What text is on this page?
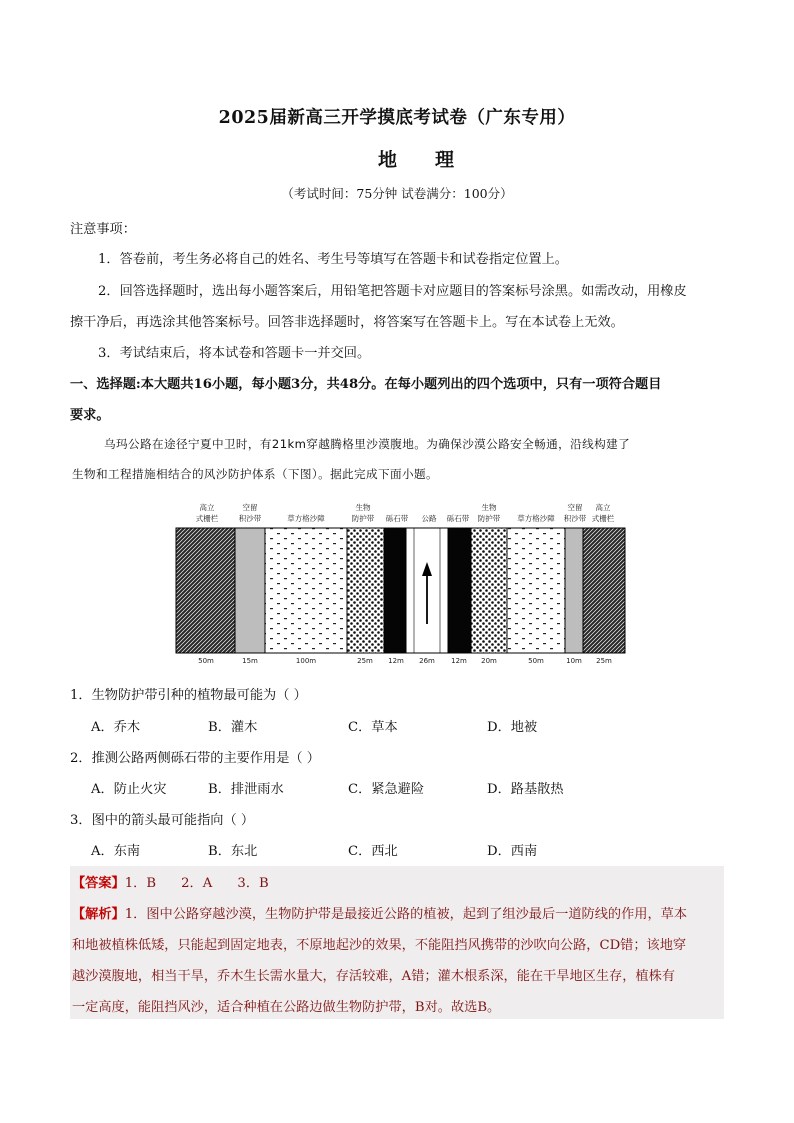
2025届新高三开学摸底考试卷（广东专用）
地理
（考试时间：75分钟 试卷满分：100分）
注意事项：
1．答卷前，考生务必将自己的姓名、考生号等填写在答题卡和试卷指定位置上。
2．回答选择题时，选出每小题答案后，用铅笔把答题卡对应题目的答案标号涂黑。如需改动，用橡皮
擦干净后，再选涂其他答案标号。回答非选择题时，将答案写在答题卡上。写在本试卷上无效。
3．考试结束后，将本试卷和答题卡一并交回。
一、选择题:本大题共16小题，每小题3分，共48分。在每小题列出的四个选项中，只有一项符合题目
要求。
乌玛公路在途径宁夏中卫时，有21km穿越腾格里沙漠腹地。为确保沙漠公路安全畅通，沿线构建了
生物和工程措施相结合的风沙防护体系（下图）。据此完成下面小题。
高立
式栅栏
空留
积沙带	草方格沙障
生物
防护带 砾石带 公路 砾石带
生物
防护带 草方格沙障
空留
积沙带
高立
式栅栏
50m	15m	100m	25m 12m 26m 12m 20m	50m	10m 25m
1．生物防护带引种的植物最可能为（ ）
A．乔木	B．灌木	C．草本	D．地被
2．推测公路两侧砾石带的主要作用是（ ）
A．防止火灾	B．排泄雨水	C．紧急避险	D．路基散热
3．图中的箭头最可能指向（ ）
A．东南	B．东北	C．西北	D．西南
【答案】1．B      2．A      3．B
【解析】1．图中公路穿越沙漠，生物防护带是最接近公路的植被，起到了组沙最后一道防线的作用，草本
和地被植株低矮，只能起到固定地表，不原地起沙的效果，不能阻挡风携带的沙吹向公路，CD错；该地穿
越沙漠腹地，相当干旱，乔木生长需水量大，存活较难，A错；灌木根系深，能在干旱地区生存，植株有
一定高度，能阻挡风沙，适合种植在公路边做生物防护带，B对。故选B。
